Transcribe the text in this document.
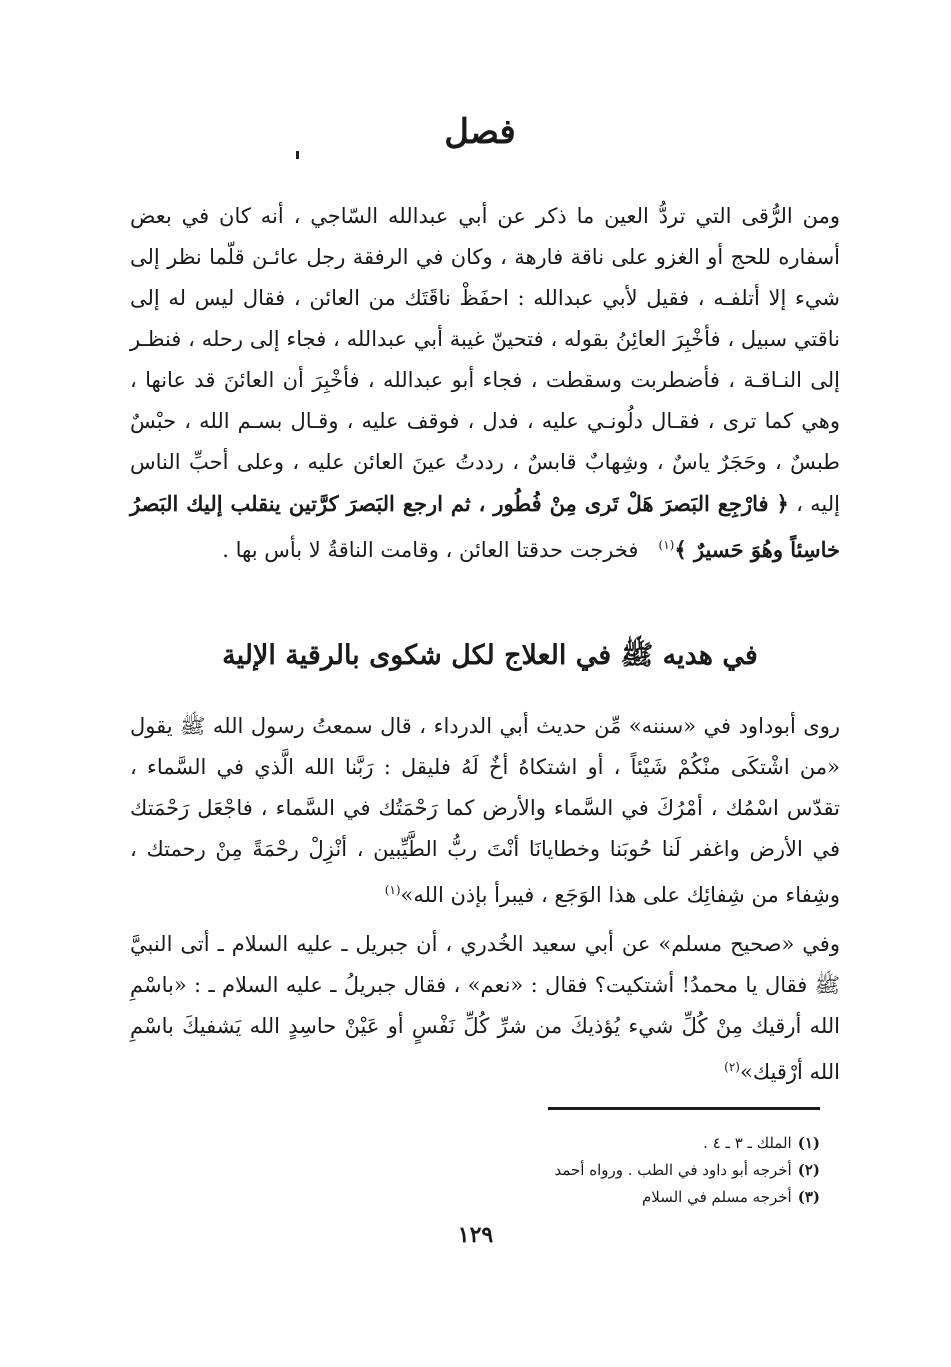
فصل

ومن الرُّقى التي تردُّ العين ما ذكر عن أبي عبدالله السّاجي ، أنه كان في بعض أسفاره للحج أو الغزو على ناقة فارهة ، وكان في الرفقة رجل عائـن قلّما نظر إلى شيء إلا أتلفـه ، فقيل لأبي عبدالله : احفَظْ ناقَتَك من العائن ، فقال ليس له إلى ناقتي سبيل ، فأخْبِرَ العائِنُ بقوله ، فتحينّ غيبة أبي عبدالله ، فجاء إلى رحله ، فنظـر إلى النـاقـة ، فأضطربت وسقطت ، فجاء أبو عبدالله ، فأخْبِرَ أن العائنَ قد عانها ، وهي كما ترى ، فقـال دلُونـي عليه ، فدل ، فوقف عليه ، وقـال بسـم الله ، حبْسٌ طبسٌ ، وحَجَرٌ ياسٌ ، وشِهابٌ قابسٌ ، رددتُ عينَ العائن عليه ، وعلى أحبِّ الناس إليه ، ﴿ فارْجِع البَصرَ هَلْ تَرى مِنْ فُطُور ، ثم ارجع البَصرَ كرَّتين ينقلب إليك البَصرُ خاسِئاً وهُوَ حَسيرٌ ﴾$^{(١)}$   فخرجت حدقتا العائن ، وقامت الناقةُ لا بأس بها .

في هديه ﷺ في العلاج لكل شكوى بالرقية الإلية

روى أبوداود في «سننه» مِّن حديث أبي الدرداء ، قال سمعتُ رسول الله ﷺ يقول «من اشْتكَى منْكُمْ شَيْئاً ، أو اشتكاهُ أخٌ لَهُ فليقل : رَبَّنا الله الَّذي في السَّماء ، تقدّس اسْمُك ، أمْرُكَ في السَّماء والأرض كما رَحْمَتُك في السَّماء ، فاجْعَل رَحْمَتك في الأرض واغفر لَنا حُوبَنا وخطايانَا أنْتَ ربُّ الطَّيِّبين ، أنْزِلْ رحْمَةً مِنْ رحمتك ، وشِفاء من شِفائِك على هذا الوَجَع ، فيبرأ بإذن الله»$^{(١)}$

وفي «صحيح مسلم» عن أبي سعيد الخُدري ، أن جبريل ـ عليه السلام ـ أتى النبيَّ ﷺ فقال يا محمدُ! أشتكيت؟ فقال : «نعم» ، فقال جبريلُ ـ عليه السلام ـ : «باسْمِ الله أرقيك مِنْ كُلِّ شيء يُؤذيكَ من شرِّ كُلِّ نَفْسٍ أو عَيْنْ حاسِدٍ الله يَشفيكَ باسْمِ الله أرْقيك»$^{(٢)}$

(١)الملك ـ ٣ ـ ٤ .
(٢)أخرجه أبو داود في الطب . ورواه أحمد
(٣)أخرجه مسلم في السلام
١٢٩
